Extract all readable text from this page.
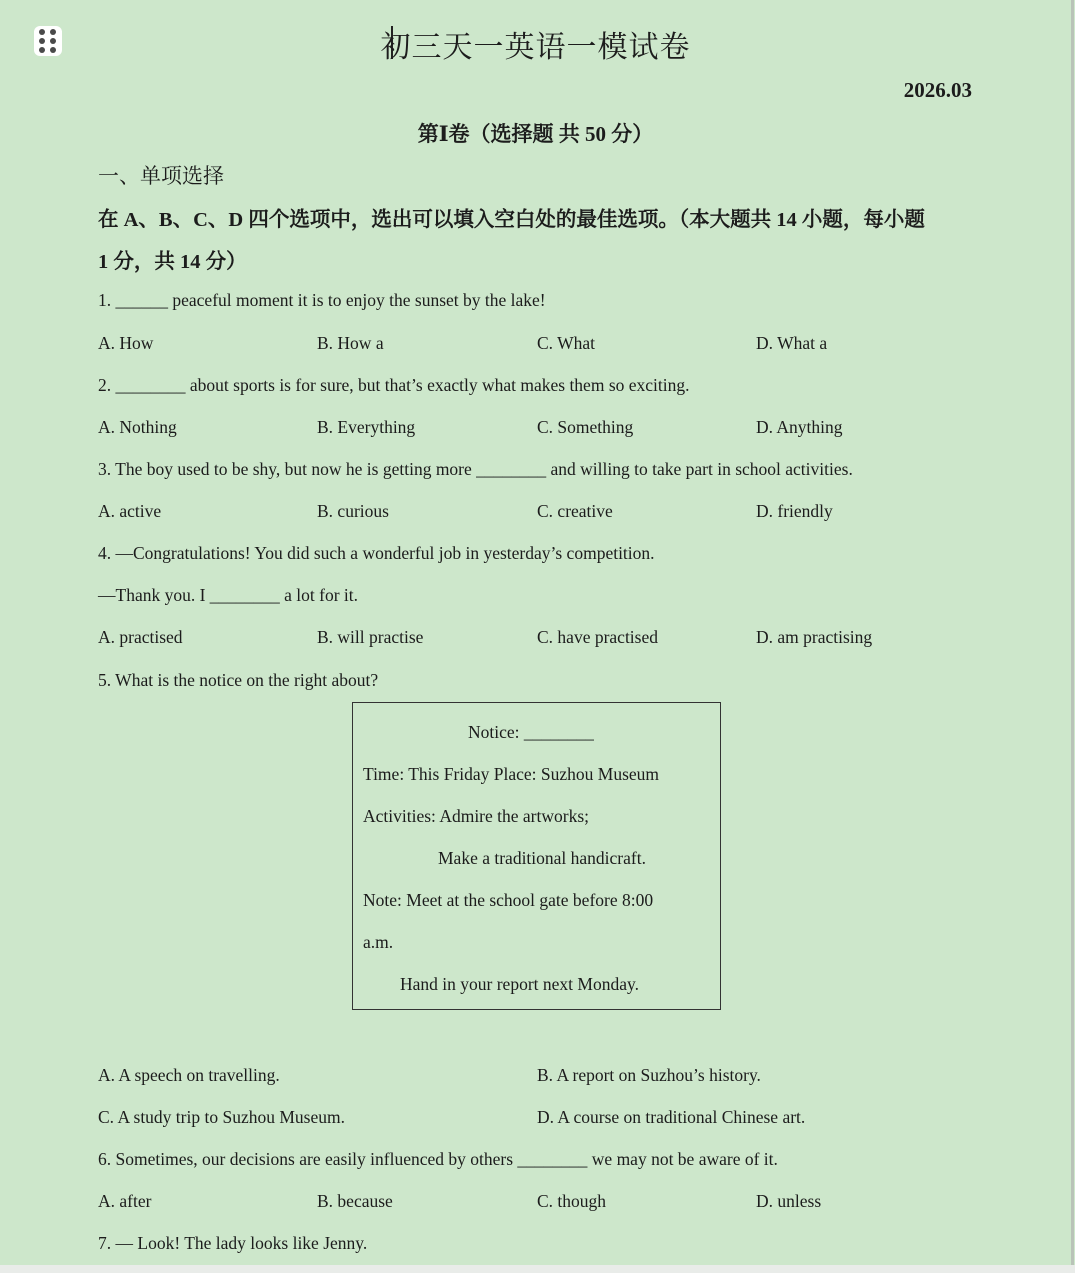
初三天一英语一模试卷
2026.03
第Ⅰ卷（选择题 共 50 分）
一、单项选择
在 A、B、C、D 四个选项中，选出可以填入空白处的最佳选项。（本大题共 14 小题，每小题
1 分，共 14 分）
1. ______ peaceful moment it is to enjoy the sunset by the lake!
A. How	B. How a	C. What	D. What a
2. ________ about sports is for sure, but that’s exactly what makes them so exciting.
A. Nothing	B. Everything	C. Something	D. Anything
3. The boy used to be shy, but now he is getting more ________ and willing to take part in school activities.
A. active	B. curious	C. creative	D. friendly
4. —Congratulations! You did such a wonderful job in yesterday’s competition.
—Thank you. I ________ a lot for it.
A. practised	B. will practise	C. have practised	D. am practising
5. What is the notice on the right about?
Notice: ________
Time: This Friday Place: Suzhou Museum
Activities: Admire the artworks;
Make a traditional handicraft.
Note: Meet at the school gate before 8:00
a.m.
Hand in your report next Monday.
A. A speech on travelling.	B. A report on Suzhou’s history.
C. A study trip to Suzhou Museum.	D. A course on traditional Chinese art.
6. Sometimes, our decisions are easily influenced by others ________ we may not be aware of it.
A. after	B. because	C. though	D. unless
7. — Look! The lady looks like Jenny.
